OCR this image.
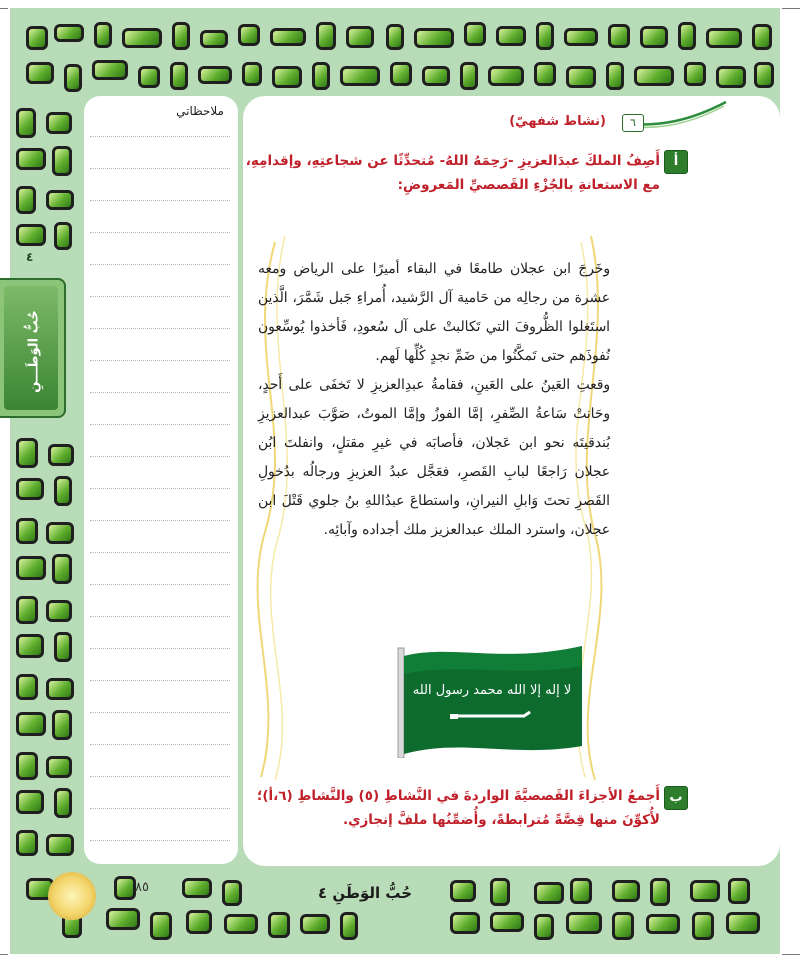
٤
حُبُّ الوَطَـــنِ
ملاحظاتي
٦
(نشاط شفهيّ)
أ
أَصِفُ الملكَ عبدَالعزيزِ -رَحِمَهُ اللهُ- مُتحدِّثًا عن شجاعتِهِ، وإقدامِهِ،
مع الاستعانةِ بالجُزْءِ القَصصيِّ المَعروضِ:
ب
أَجمعُ الأجزاءَ القَصصيَّةَ الواردةَ في النَّشاطِ (٥) والنَّشاطِ (٦،أ)؛
لأُكوِّنَ منها قِصَّةً مُترابطةً، وأُضمِّنُها ملفَّ إنجازي.

وخَرجَ ابن عجلان طامعًا في البقاء أميرًا على الرياض ومعه عشرة من رجالِه من حَامية آل الرَّشيد، أُمراءِ جَبل شَمَّرَ، الَّذين استَغلوا الظُّروفَ التي تَكالبتْ على آل سُعودِ، فَأخذوا يُوسِّعون نُفوذَهم حتى تَمكَّنُوا من ضَمِّ نجدٍ كُلِّها لَهم.

وقعتِ العَينُ على العَينِ، فقامةُ عبدِالعزيزِ لا تَخفَى على أَحدٍ، وحَانتْ سَاعةُ الصِّفرِ، إمَّا الفوزُ وإمَّا الموتُ، صَوَّبَ عبدالعزيزِ بُندقيتَه نحو ابن عَجلان، فأصابَه في غيرِ مقتلٍ، وانفلتَ ابُن عجلان رَاجعًا لبابِ القَصرِ، فعَجَّل عبدُ العزيزِ ورجالُه بدُخولِ القَصرِ تحتَ وَابلِ النيرانِ، واستطاعَ عبدُاللهِ بنُ جلوي قَتْلَ ابن عجلان، واسترد الملك عبدالعزيز ملك أجداده وآبائِه.

لا إله إلا الله محمد رسول الله
٨٥	حُبُّ الوَطَنِ ٤
